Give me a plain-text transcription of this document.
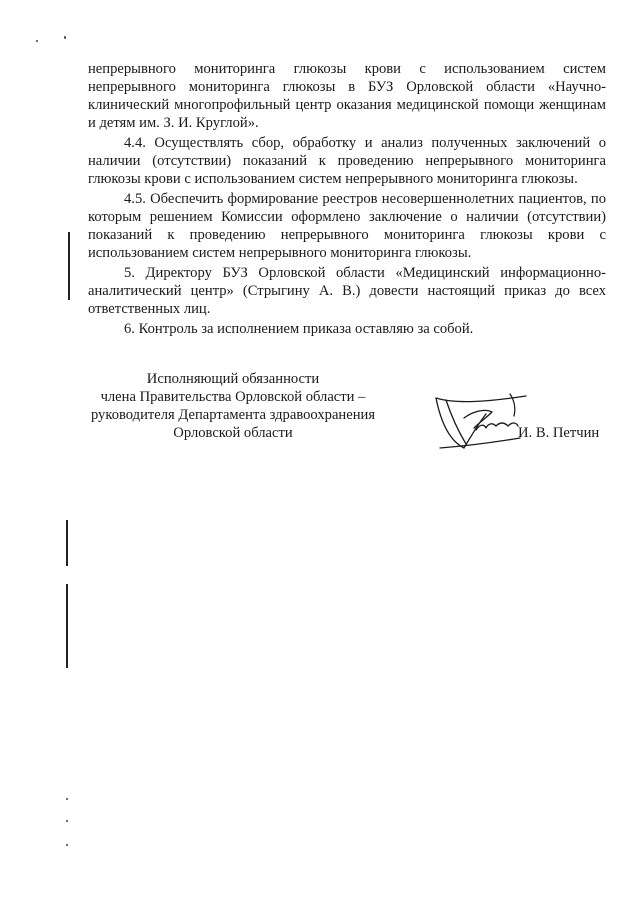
непрерывного мониторинга глюкозы крови с использованием систем непрерывного мониторинга глюкозы в БУЗ Орловской области «Научно-клинический многопрофильный центр оказания медицинской помощи женщинам и детям им. З. И. Круглой».

4.4. Осуществлять сбор, обработку и анализ полученных заключений о наличии (отсутствии) показаний к проведению непрерывного мониторинга глюкозы крови с использованием систем непрерывного мониторинга глюкозы.

4.5. Обеспечить формирование реестров несовершеннолетних пациентов, по которым решением Комиссии оформлено заключение о наличии (отсутствии) показаний к проведению непрерывного мониторинга глюкозы крови с использованием систем непрерывного мониторинга глюкозы.

5. Директору БУЗ Орловской области «Медицинский информационно-аналитический центр» (Стрыгину А. В.) довести настоящий приказ до всех ответственных лиц.

6. Контроль за исполнением приказа оставляю за собой.

Исполняющий обязанности
члена Правительства Орловской области –
руководителя Департамента здравоохранения
Орловской области	И. В. Петчин
